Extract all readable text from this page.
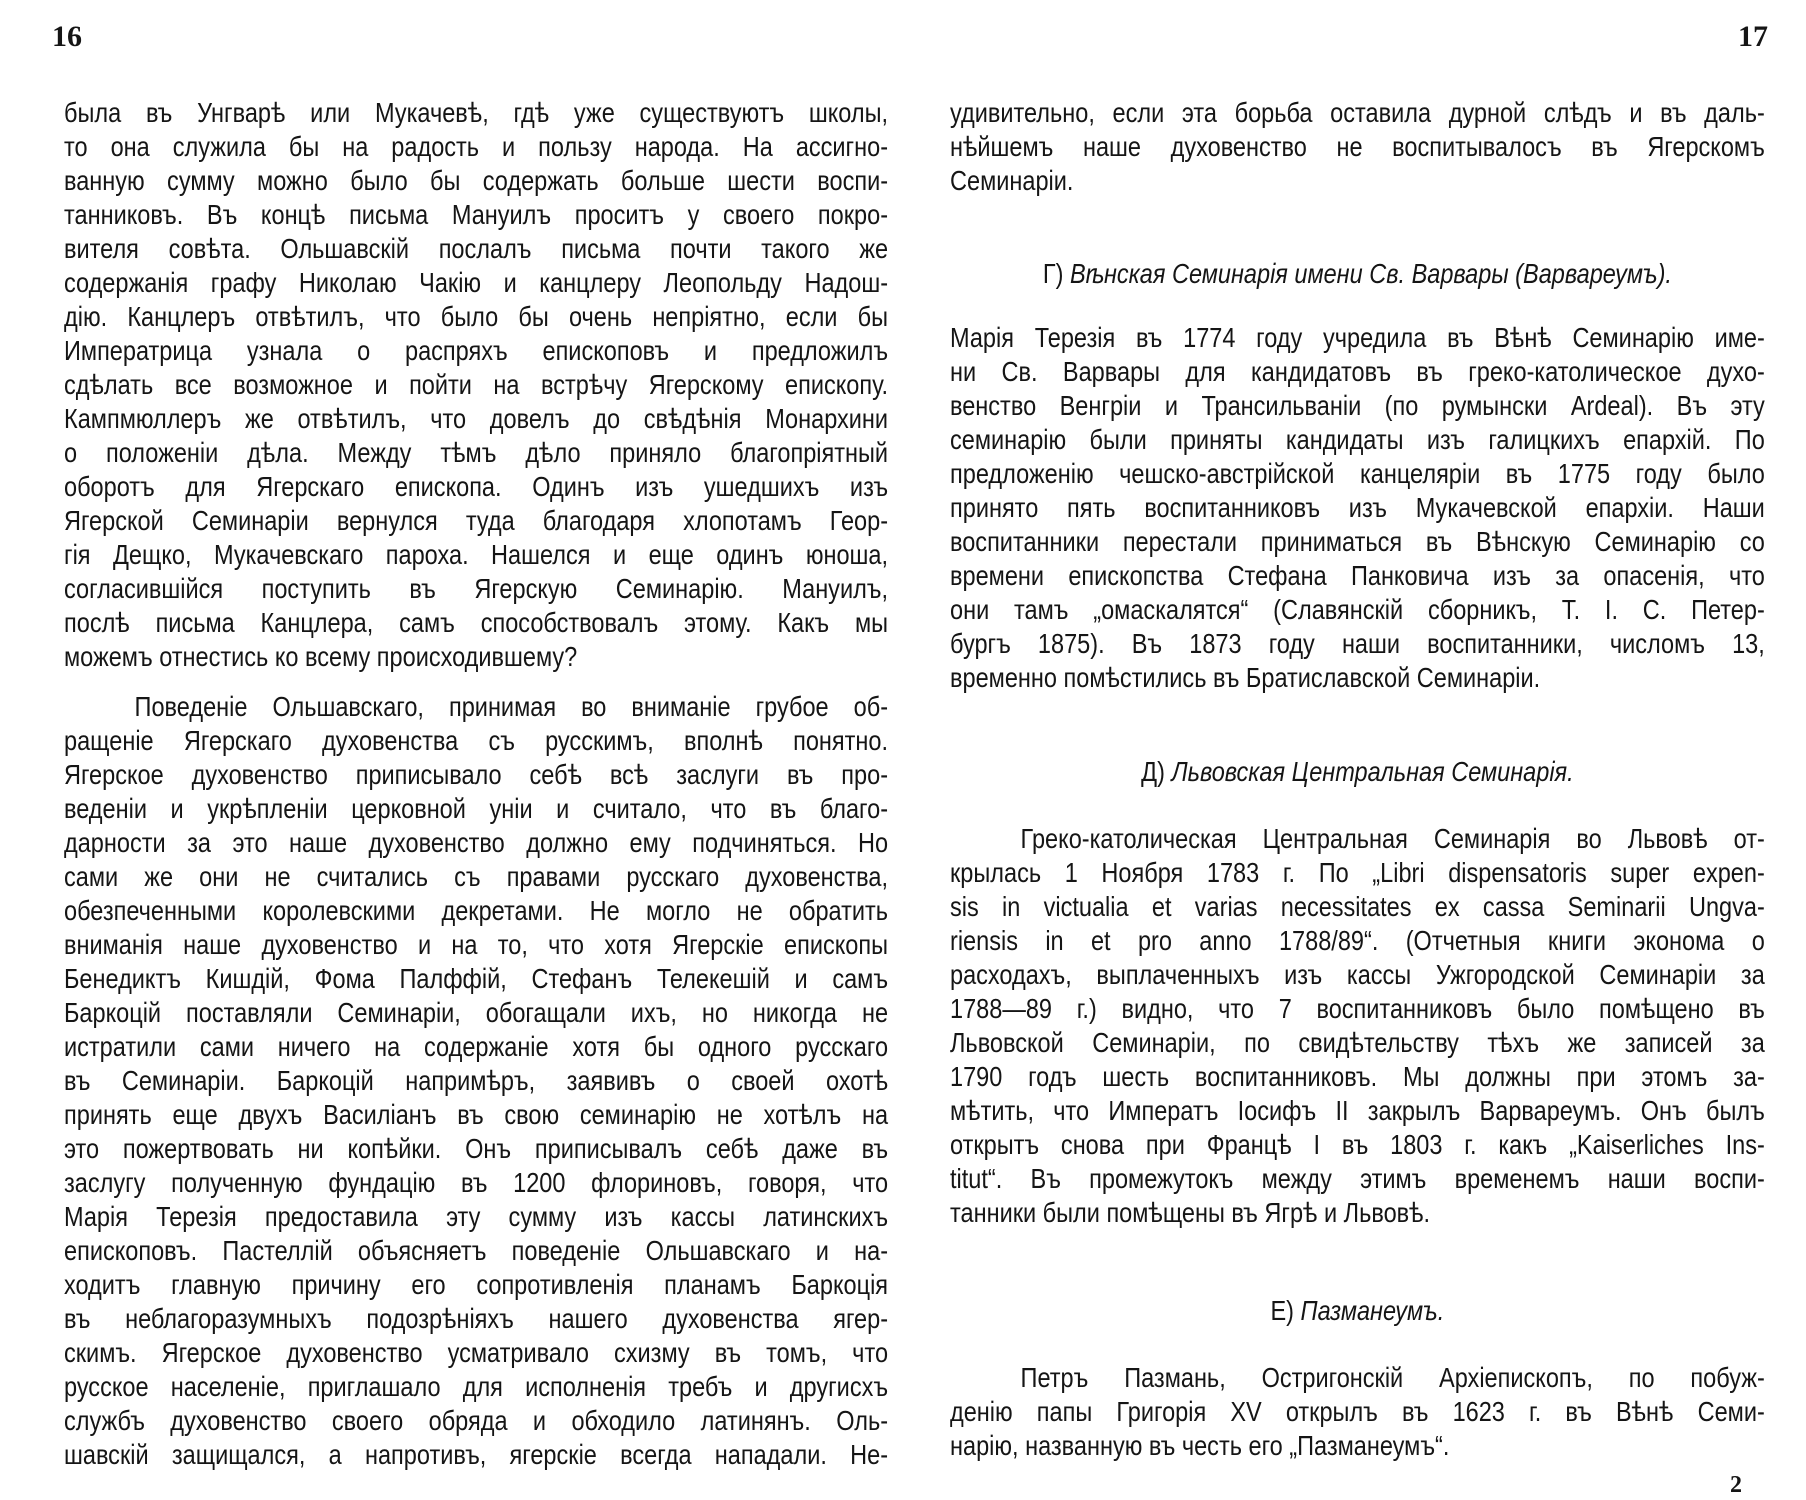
16
была въ Унгварѣ или Мукачевѣ, гдѣ уже существуютъ школы,
то она служила бы на радость и пользу народа. На ассигно-
ванную сумму можно было бы содержать больше шести воспи-
танниковъ. Въ концѣ письма Мануилъ проситъ у своего покро-
вителя совѣта. Ольшавскій послалъ письма почти такого же
содержанія графу Николаю Чакію и канцлеру Леопольду Надош-
дію. Канцлеръ отвѣтилъ, что было бы очень непріятно, если бы
Императрица узнала о распряхъ епископовъ и предложилъ
сдѣлать все возможное и пойти на встрѣчу Ягерскому епископу.
Кампмюллеръ же отвѣтилъ, что довелъ до свѣдѣнія Монархини
о положеніи дѣла. Между тѣмъ дѣло приняло благопріятный
оборотъ для Ягерскаго епископа. Одинъ изъ ушедшихъ изъ
Ягерской Семинаріи вернулся туда благодаря хлопотамъ Геор-
гія Дещко, Мукачевскаго пароха. Нашелся и еще одинъ юноша,
согласившійся поступить въ Ягерскую Семинарію. Мануилъ,
послѣ письма Канцлера, самъ способствовалъ этому. Какъ мы
можемъ отнестись ко всему происходившему?
Поведеніе Ольшавскаго, принимая во вниманіе грубое об-
ращеніе Ягерскаго духовенства съ русскимъ, вполнѣ понятно.
Ягерское духовенство приписывало себѣ всѣ заслуги въ про-
веденіи и укрѣпленіи церковной уніи и считало, что въ благо-
дарности за это наше духовенство должно ему подчиняться. Но
сами же они не считались съ правами русскаго духовенства,
обезпеченными королевскими декретами. Не могло не обратить
вниманія наше духовенство и на то, что хотя Ягерскіе епископы
Бенедиктъ Кишдій, Фома Палффій, Стефанъ Телекешій и самъ
Баркоцій поставляли Семинаріи, обогащали ихъ, но никогда не
истратили сами ничего на содержаніе хотя бы одного русскаго
въ Семинаріи. Баркоцій напримѣръ, заявивъ о своей охотѣ
принять еще двухъ Василіанъ въ свою семинарію не хотѣлъ на
это пожертвовать ни копѣйки. Онъ приписывалъ себѣ даже въ
заслугу полученную фундацію въ 1200 флориновъ, говоря, что
Марія Терезія предоставила эту сумму изъ кассы латинскихъ
епископовъ. Пастеллій объясняетъ поведеніе Ольшавскаго и на-
ходитъ главную причину его сопротивленія планамъ Баркоція
въ неблагоразумныхъ подозрѣніяхъ нашего духовенства ягер-
скимъ. Ягерское духовенство усматривало схизму въ томъ, что
русское населеніе, приглашало для исполненія требъ и другисхъ
службъ духовенство своего обряда и обходило латинянъ. Оль-
шавскій защищался, а напротивъ, ягерскіе всегда нападали. Не-
17
удивительно, если эта борьба оставила дурной слѣдъ и въ даль-
нѣйшемъ наше духовенство не воспитывалосъ въ Ягерскомъ
Семинаріи.
Г) Вѣнская Семинарія имени Св. Варвары (Варвареумъ).
Марія Терезія въ 1774 году учредила въ Вѣнѣ Семинарію име-
ни Св. Варвары для кандидатовъ въ греко-католическое духо-
венство Венгріи и Трансильваніи (по румынски Ardeal). Въ эту
семинарію были приняты кандидаты изъ галицкихъ епархій. По
предложенію чешско-австрійской канцеляріи въ 1775 году было
принято пять воспитанниковъ изъ Мукачевской епархіи. Наши
воспитанники перестали приниматься въ Вѣнскую Семинарію со
времени епископства Стефана Панковича изъ за опасенія, что
они тамъ „омаскалятся“ (Славянскій сборникъ, Т. I. С. Петер-
бургъ 1875). Въ 1873 году наши воспитанники, числомъ 13,
временно помѣстились въ Братиславской Семинаріи.
Д) Львовская Центральная Семинарія.
Греко-католическая Центральная Семинарія во Львовѣ от-
крылась 1 Ноября 1783 г. По „Libri dispensatoris super expen-
sis in victualia et varias necessitates ex cassa Seminarii Ungva-
riensis in et pro anno 1788/89“. (Отчетныя книги эконома о
расходахъ, выплаченныхъ изъ кассы Ужгородской Семинаріи за
1788—89 г.) видно, что 7 воспитанниковъ было помѣщено въ
Львовской Семинаріи, по свидѣтельству тѣхъ же записей за
1790 годъ шесть воспитанниковъ. Мы должны при этомъ за-
мѣтить, что Императъ Іосифъ II закрылъ Варвареумъ. Онъ былъ
открытъ снова при Францѣ I въ 1803 г. какъ „Kaiserliches Ins-
titut“. Въ промежутокъ между этимъ временемъ наши воспи-
танники были помѣщены въ Ягрѣ и Львовѣ.
Е) Пазманеумъ.
Петръ Пазмань, Остригонскій Архіепископъ, по побуж-
денію папы Григорія XV открылъ въ 1623 г. въ Вѣнѣ Семи-
нарію, названную въ честь его „Пазманеумъ“.
2
